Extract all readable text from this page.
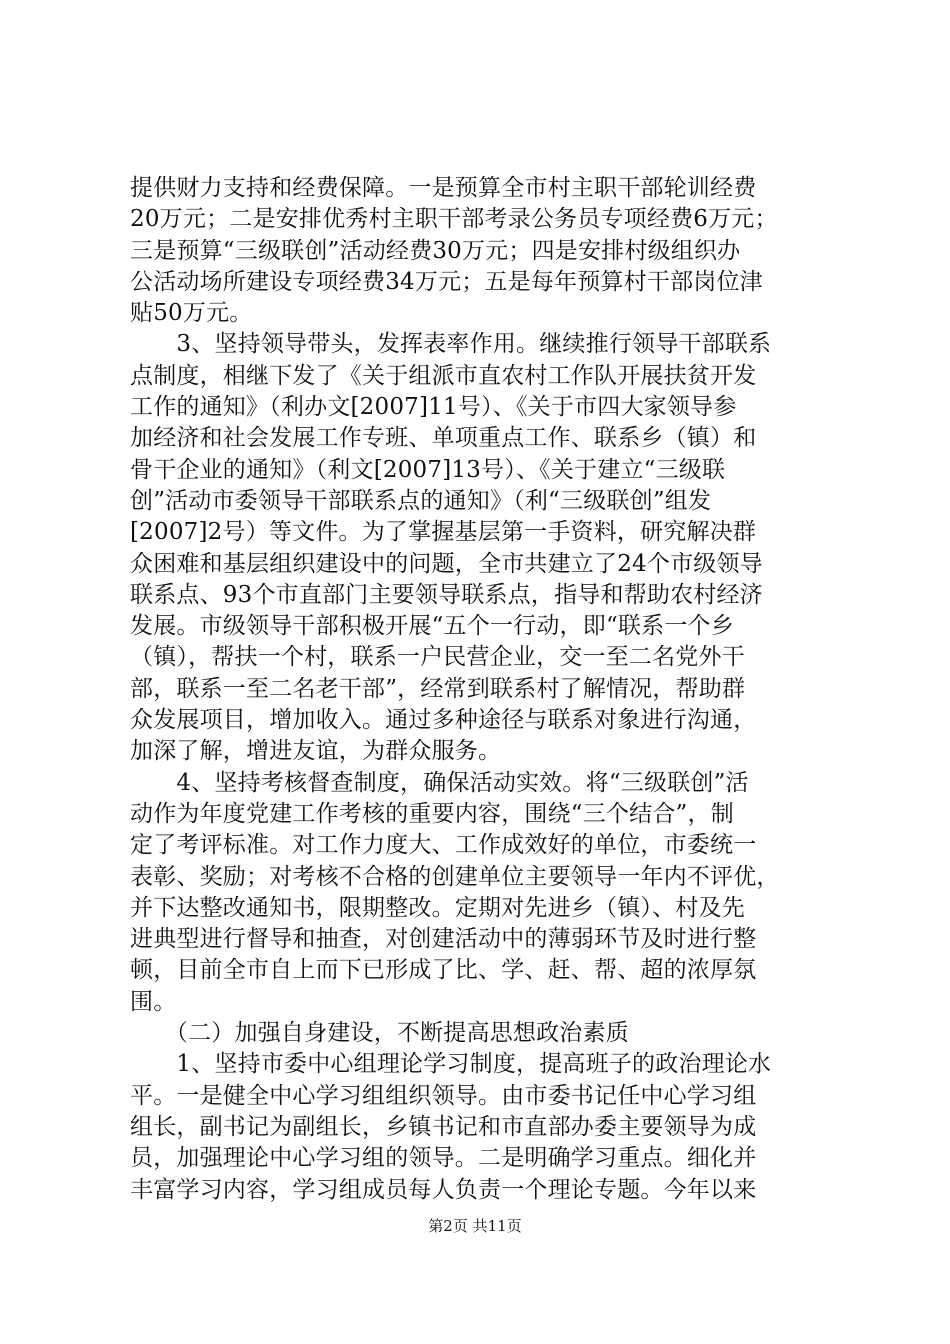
提供财力支持和经费保障。一是预算全市村主职干部轮训经费
20万元；二是安排优秀村主职干部考录公务员专项经费6万元；
三是预算“三级联创”活动经费30万元；四是安排村级组织办
公活动场所建设专项经费34万元；五是每年预算村干部岗位津
贴50万元。
　　3、坚持领导带头，发挥表率作用。继续推行领导干部联系
点制度，相继下发了《关于组派市直农村工作队开展扶贫开发
工作的通知》（利办文[2007]11号）、《关于市四大家领导参
加经济和社会发展工作专班、单项重点工作、联系乡（镇）和
骨干企业的通知》（利文[2007]13号）、《关于建立“三级联
创”活动市委领导干部联系点的通知》（利“三级联创”组发
[2007]2号）等文件。为了掌握基层第一手资料，研究解决群
众困难和基层组织建设中的问题，全市共建立了24个市级领导
联系点、93个市直部门主要领导联系点，指导和帮助农村经济
发展。市级领导干部积极开展“五个一行动，即“联系一个乡
（镇），帮扶一个村，联系一户民营企业，交一至二名党外干
部，联系一至二名老干部”，经常到联系村了解情况，帮助群
众发展项目，增加收入。通过多种途径与联系对象进行沟通，
加深了解，增进友谊，为群众服务。
　　4、坚持考核督查制度，确保活动实效。将“三级联创”活
动作为年度党建工作考核的重要内容，围绕“三个结合”，制
定了考评标准。对工作力度大、工作成效好的单位，市委统一
表彰、奖励；对考核不合格的创建单位主要领导一年内不评优，
并下达整改通知书，限期整改。定期对先进乡（镇）、村及先
进典型进行督导和抽查，对创建活动中的薄弱环节及时进行整
顿，目前全市自上而下已形成了比、学、赶、帮、超的浓厚氛
围。
　　（二）加强自身建设，不断提高思想政治素质
　　1、坚持市委中心组理论学习制度，提高班子的政治理论水
平。一是健全中心学习组组织领导。由市委书记任中心学习组
组长，副书记为副组长，乡镇书记和市直部办委主要领导为成
员，加强理论中心学习组的领导。二是明确学习重点。细化并
丰富学习内容，学习组成员每人负责一个理论专题。今年以来
第2页 共11页
